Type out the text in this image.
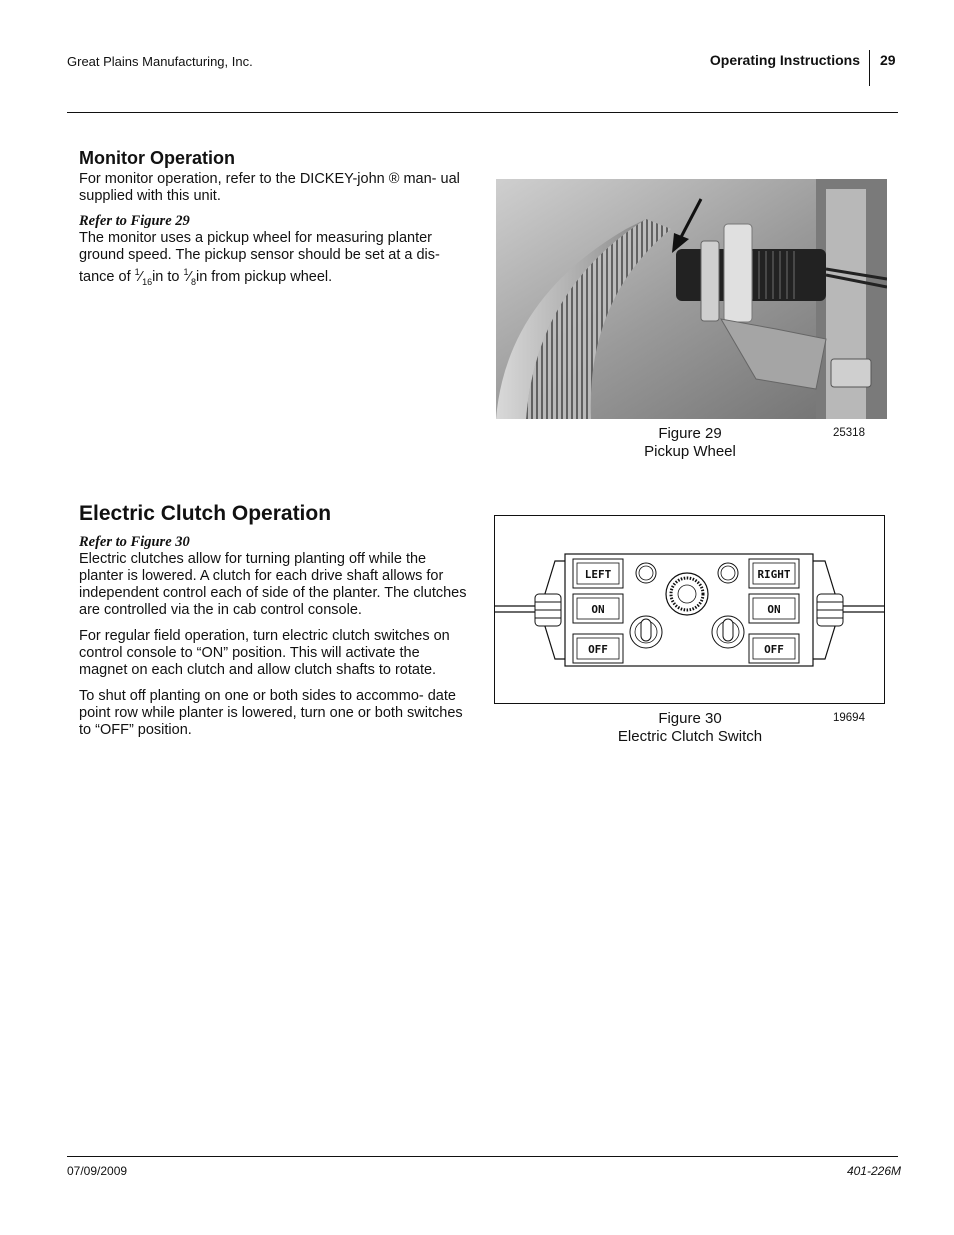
Great Plains Manufacturing, Inc.	Operating Instructions 29
Monitor Operation

For monitor operation, refer to the DICKEY-john ® man- ual supplied with this unit.

Refer to Figure 29

The monitor uses a pickup wheel for measuring planter ground speed. The pickup sensor should be set at a dis- tance of $^1⁄_{16}in$ to $^1⁄_8in$ from pickup wheel.

Figure 29
Pickup Wheel
25318
Electric Clutch Operation
Refer to Figure 30

Electric clutches allow for turning planting off while the planter is lowered. A clutch for each drive shaft allows for independent control each of side of the planter. The clutches are controlled via the in cab control console.

For regular field operation, turn electric clutch switches on control console to “ON” position. This will activate the magnet on each clutch and allow clutch shafts to rotate.

To shut off planting on one or both sides to accommo- date point row while planter is lowered, turn one or both switches to “OFF” position.

LEFT
ON
OFF
RIGHT
ON
OFF
Figure 30
Electric Clutch Switch
19694
07/09/2009	401-226M
